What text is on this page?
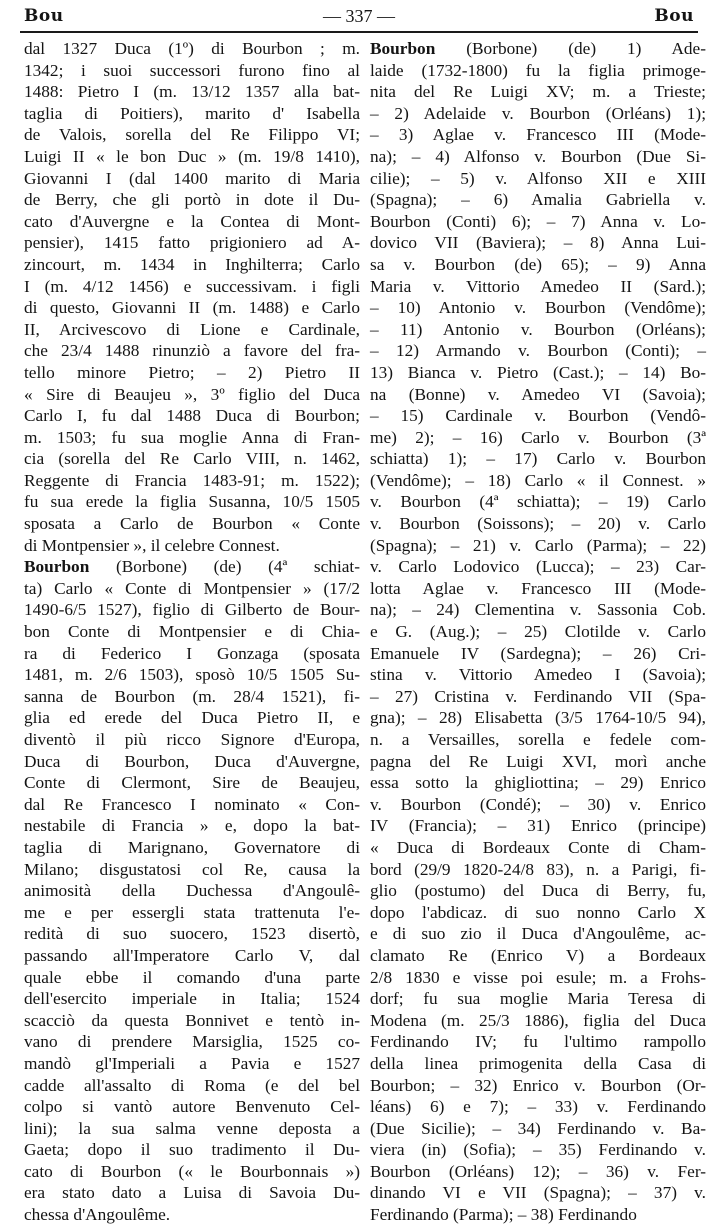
Bou	— 337 —	Bou
dal 1327 Duca (1º) di Bourbon ; m.
1342; i suoi successori furono fino al
1488: Pietro I (m. 13/12 1357 alla bat-
taglia di Poitiers), marito d' Isabella
de Valois, sorella del Re Filippo VI;
Luigi II « le bon Duc » (m. 19/8 1410),
Giovanni I (dal 1400 marito di Maria
de Berry, che gli portò in dote il Du-
cato d'Auvergne e la Contea di Mont-
pensier), 1415 fatto prigioniero ad A-
zincourt, m. 1434 in Inghilterra; Carlo
I (m. 4/12 1456) e successivam. i figli
di questo, Giovanni II (m. 1488) e Carlo
II, Arcivescovo di Lione e Cardinale,
che 23/4 1488 rinunziò a favore del fra-
tello minore Pietro; – 2) Pietro II
« Sire di Beaujeu », 3º figlio del Duca
Carlo I, fu dal 1488 Duca di Bourbon;
m. 1503; fu sua moglie Anna di Fran-
cia (sorella del Re Carlo VIII, n. 1462,
Reggente di Francia 1483-91; m. 1522);
fu sua erede la figlia Susanna, 10/5 1505
sposata a Carlo de Bourbon « Conte
di Montpensier », il celebre Connest.
Bourbon (Borbone) (de) (4ª schiat-
ta) Carlo « Conte di Montpensier » (17/2
1490-6/5 1527), figlio di Gilberto de Bour-
bon Conte di Montpensier e di Chia-
ra di Federico I Gonzaga (sposata
1481, m. 2/6 1503), sposò 10/5 1505 Su-
sanna de Bourbon (m. 28/4 1521), fi-
glia ed erede del Duca Pietro II, e
diventò il più ricco Signore d'Europa,
Duca di Bourbon, Duca d'Auvergne,
Conte di Clermont, Sire de Beaujeu,
dal Re Francesco I nominato « Con-
nestabile di Francia » e, dopo la bat-
taglia di Marignano, Governatore di
Milano; disgustatosi col Re, causa la
animosità della Duchessa d'Angoulê-
me e per essergli stata trattenuta l'e-
redità di suo suocero, 1523 disertò,
passando all'Imperatore Carlo V, dal
quale ebbe il comando d'una parte
dell'esercito imperiale in Italia; 1524
scacciò da questa Bonnivet e tentò in-
vano di prendere Marsiglia, 1525 co-
mandò gl'Imperiali a Pavia e 1527
cadde all'assalto di Roma (e del bel
colpo si vantò autore Benvenuto Cel-
lini); la sua salma venne deposta a
Gaeta; dopo il suo tradimento il Du-
cato di Bourbon (« le Bourbonnais »)
era stato dato a Luisa di Savoia Du-
chessa d'Angoulême.
Bourbon (Borbone) (de) 1) Ade-
laide (1732-1800) fu la figlia primoge-
nita del Re Luigi XV; m. a Trieste;
– 2) Adelaide v. Bourbon (Orléans) 1);
– 3) Aglae v. Francesco III (Mode-
na); – 4) Alfonso v. Bourbon (Due Si-
cilie); – 5) v. Alfonso XII e XIII
(Spagna); – 6) Amalia Gabriella v.
Bourbon (Conti) 6); – 7) Anna v. Lo-
dovico VII (Baviera); – 8) Anna Lui-
sa v. Bourbon (de) 65); – 9) Anna
Maria v. Vittorio Amedeo II (Sard.);
– 10) Antonio v. Bourbon (Vendôme);
– 11) Antonio v. Bourbon (Orléans);
– 12) Armando v. Bourbon (Conti); –
13) Bianca v. Pietro (Cast.); – 14) Bo-
na (Bonne) v. Amedeo VI (Savoia);
– 15) Cardinale v. Bourbon (Vendô-
me) 2); – 16) Carlo v. Bourbon (3ª
schiatta) 1); – 17) Carlo v. Bourbon
(Vendôme); – 18) Carlo « il Connest. »
v. Bourbon (4ª schiatta); – 19) Carlo
v. Bourbon (Soissons); – 20) v. Carlo
(Spagna); – 21) v. Carlo (Parma); – 22)
v. Carlo Lodovico (Lucca); – 23) Car-
lotta Aglae v. Francesco III (Mode-
na); – 24) Clementina v. Sassonia Cob.
e G. (Aug.); – 25) Clotilde v. Carlo
Emanuele IV (Sardegna); – 26) Cri-
stina v. Vittorio Amedeo I (Savoia);
– 27) Cristina v. Ferdinando VII (Spa-
gna); – 28) Elisabetta (3/5 1764-10/5 94),
n. a Versailles, sorella e fedele com-
pagna del Re Luigi XVI, morì anche
essa sotto la ghigliottina; – 29) Enrico
v. Bourbon (Condé); – 30) v. Enrico
IV (Francia); – 31) Enrico (principe)
« Duca di Bordeaux Conte di Cham-
bord (29/9 1820-24/8 83), n. a Parigi, fi-
glio (postumo) del Duca di Berry, fu,
dopo l'abdicaz. di suo nonno Carlo X
e di suo zio il Duca d'Angoulême, ac-
clamato Re (Enrico V) a Bordeaux
2/8 1830 e visse poi esule; m. a Frohs-
dorf; fu sua moglie Maria Teresa di
Modena (m. 25/3 1886), figlia del Duca
Ferdinando IV; fu l'ultimo rampollo
della linea primogenita della Casa di
Bourbon; – 32) Enrico v. Bourbon (Or-
léans) 6) e 7); – 33) v. Ferdinando
(Due Sicilie); – 34) Ferdinando v. Ba-
viera (in) (Sofia); – 35) Ferdinando v.
Bourbon (Orléans) 12); – 36) v. Fer-
dinando VI e VII (Spagna); – 37) v.
Ferdinando (Parma); – 38) Ferdinando
